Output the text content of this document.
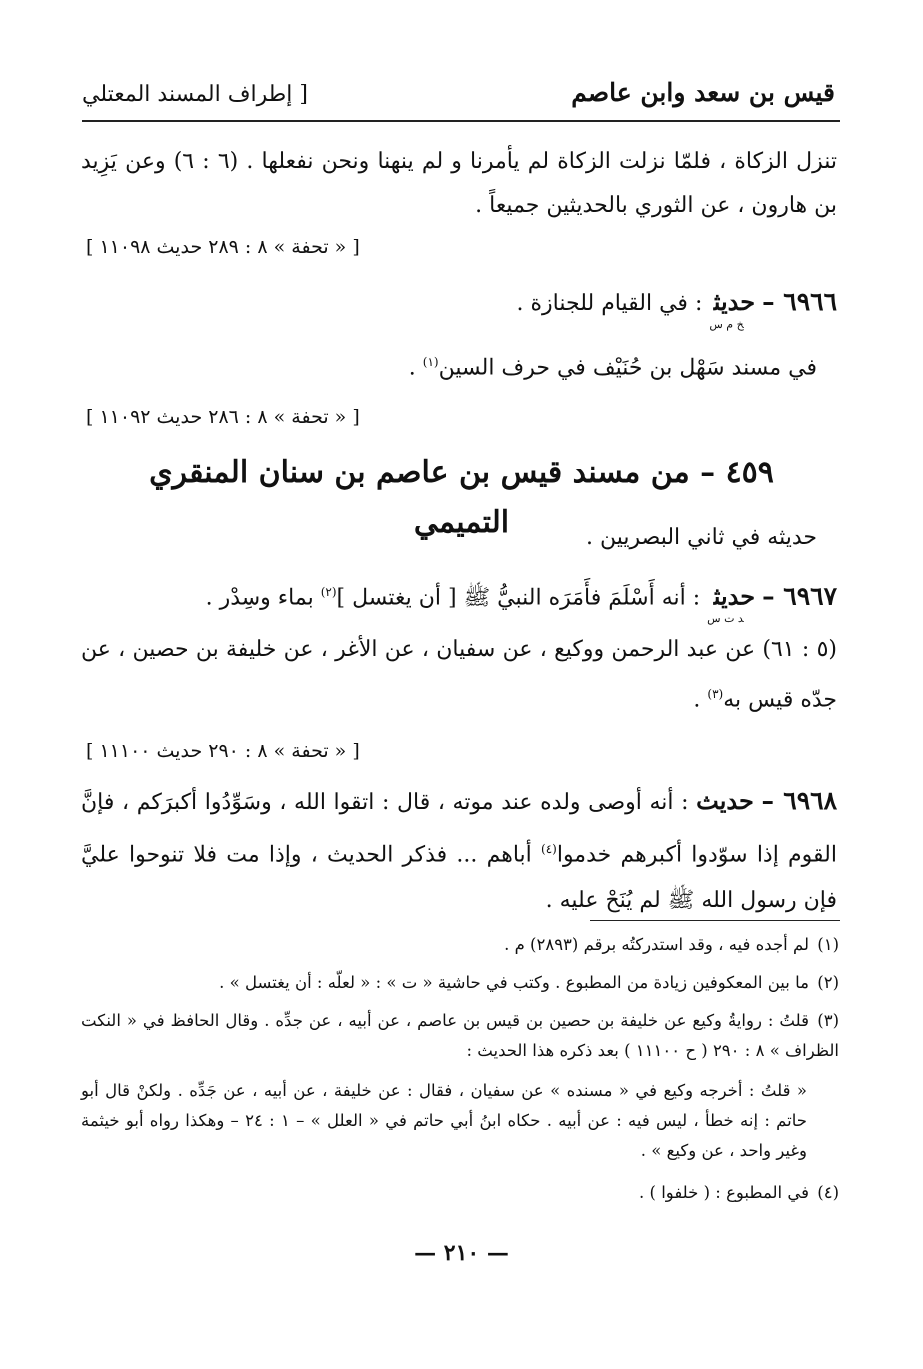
قيس بن سعد وابن عاصم
[ إطراف المسند المعتلي
تنزل الزكاة ، فلمّا نزلت الزكاة لم يأمرنا و لم ينهنا ونحن نفعلها . (٦ : ٦) وعن يَزِيد بن هارون ، عن الثوري بالحديثين جميعاً .
[ « تحفة » ٨ : ٢٨٩ حديث ١١٠٩٨ ]
٦٩٦٦ – حديث$_{خ م س}$ : في القيام للجنازة .
في مسند سَهْل بن حُنَيْف في حرف السين$^{(١)}$ .
[ « تحفة » ٨ : ٢٨٦ حديث ١١٠٩٢ ]
٤٥٩ – من مسند قيس بن عاصم بن سنان المنقري التميمي	حديثه في ثاني البصريين .
٦٩٦٧ – حديث$_{د ت س}$ : أنه أَسْلَمَ فأَمَرَه النبيُّ ﷺ [ أن يغتسل ]$^{(٢)}$ بماء وسِدْر .
(٥ : ٦١) عن عبد الرحمن ووكيع ، عن سفيان ، عن الأغر ، عن خليفة بن حصين ، عن جدّه قيس به$^{(٣)}$ .
[ « تحفة » ٨ : ٢٩٠ حديث ١١١٠٠ ]
٦٩٦٨ – حديث : أنه أوصى ولده عند موته ، قال : اتقوا الله ، وسَوِّدُوا أكبرَكم ، فإنَّ القوم إذا سوّدوا أكبرهم خدموا$^{(٤)}$ أباهم ... فذكر الحديث ، وإذا مت فلا تنوحوا عليَّ فإن رسول الله ﷺ لم يُنَحْ عليه .
(١)لم أجده فيه ، وقد استدركتُه برقم (٢٨٩٣) م .
(٢)ما بين المعكوفين زيادة من المطبوع . وكتب في حاشية « ت » : « لعلّه : أن يغتسل » .
(٣)قلتُ : روايةُ وكيع عن خليفة بن حصين بن قيس بن عاصم ، عن أبيه ، عن جدِّه . وقال الحافظ في « النكت الظراف » ٨ : ٢٩٠ ( ح ١١١٠٠ ) بعد ذكره هذا الحديث :
« قلتُ : أخرجه وكيع في « مسنده » عن سفيان ، فقال : عن خليفة ، عن أبيه ، عن جَدِّه . ولكنْ قال أبو حاتم : إنه خطأ ، ليس فيه : عن أبيه . حكاه ابنُ أبي حاتم في « العلل » – ١ : ٢٤ – وهكذا رواه أبو خيثمة وغير واحد ، عن وكيع » .
(٤)في المطبوع : ( خلفوا ) .
— ٢١٠ —
